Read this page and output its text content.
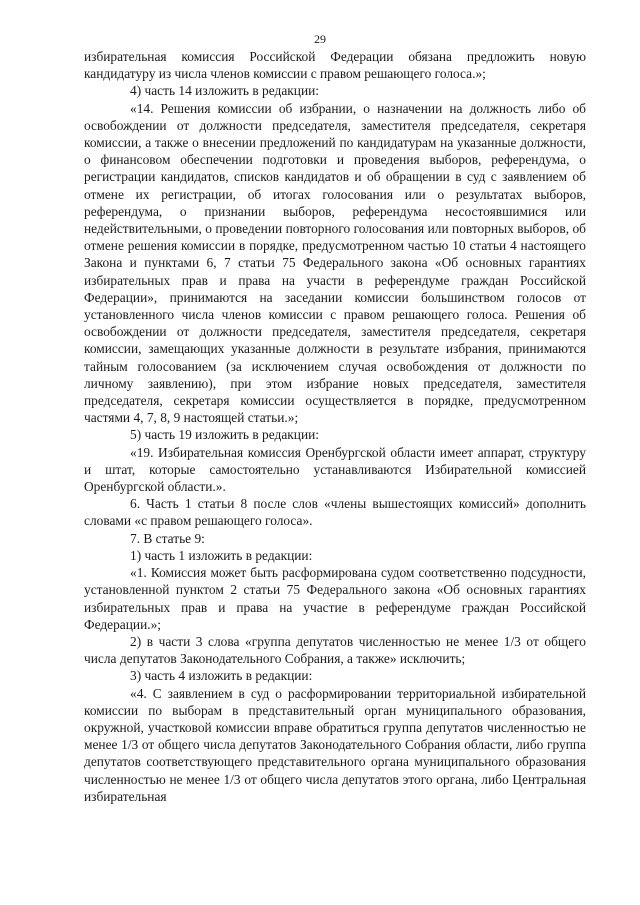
29

избирательная комиссия Российской Федерации обязана предложить новую кандидатуру из числа членов комиссии с правом решающего голоса.»;

4) часть 14 изложить в редакции:

«14. Решения комиссии об избрании, о назначении на должность либо об освобождении от должности председателя, заместителя председателя, секретаря комиссии, а также о внесении предложений по кандидатурам на указанные должности, о финансовом обеспечении подготовки и проведения выборов, референдума, о регистрации кандидатов, списков кандидатов и об обращении в суд с заявлением об отмене их регистрации, об итогах голосования или о результатах выборов, референдума, о признании выборов, референдума несостоявшимися или недействительными, о проведении повторного голосования или повторных выборов, об отмене решения комиссии в порядке, предусмотренном частью 10 статьи 4 настоящего Закона и пунктами 6, 7 статьи 75 Федерального закона «Об основных гарантиях избирательных прав и права на участи в референдуме граждан Российской Федерации», принимаются на заседании комиссии большинством голосов от установленного числа членов комиссии с правом решающего голоса. Решения об освобождении от должности председателя, заместителя председателя, секретаря комиссии, замещающих указанные должности в результате избрания, принимаются тайным голосованием (за исключением случая освобождения от должности по личному заявлению), при этом избрание новых председателя, заместителя председателя, секретаря комиссии осуществляется в порядке, предусмотренном частями 4, 7, 8, 9 настоящей статьи.»;

5) часть 19 изложить в редакции:

«19. Избирательная комиссия Оренбургской области имеет аппарат, структуру и штат, которые самостоятельно устанавливаются Избирательной комиссией Оренбургской области.».

6. Часть 1 статьи 8 после слов «члены вышестоящих комиссий» дополнить словами «с правом решающего голоса».

7. В статье 9:

1) часть 1 изложить в редакции:

«1. Комиссия может быть расформирована судом соответственно подсудности, установленной пунктом 2 статьи 75 Федерального закона «Об основных гарантиях избирательных прав и права на участие в референдуме граждан Российской Федерации.»;

2) в части 3 слова «группа депутатов численностью не менее 1/3 от общего числа депутатов Законодательного Собрания, а также» исключить;

3) часть 4 изложить в редакции:

«4. С заявлением в суд о расформировании территориальной избирательной комиссии по выборам в представительный орган муниципального образования, окружной, участковой комиссии вправе обратиться группа депутатов численностью не менее 1/3 от общего числа депутатов Законодательного Собрания области, либо группа депутатов соответствующего представительного органа муниципального образования численностью не менее 1/3 от общего числа депутатов этого органа, либо Центральная избирательная
